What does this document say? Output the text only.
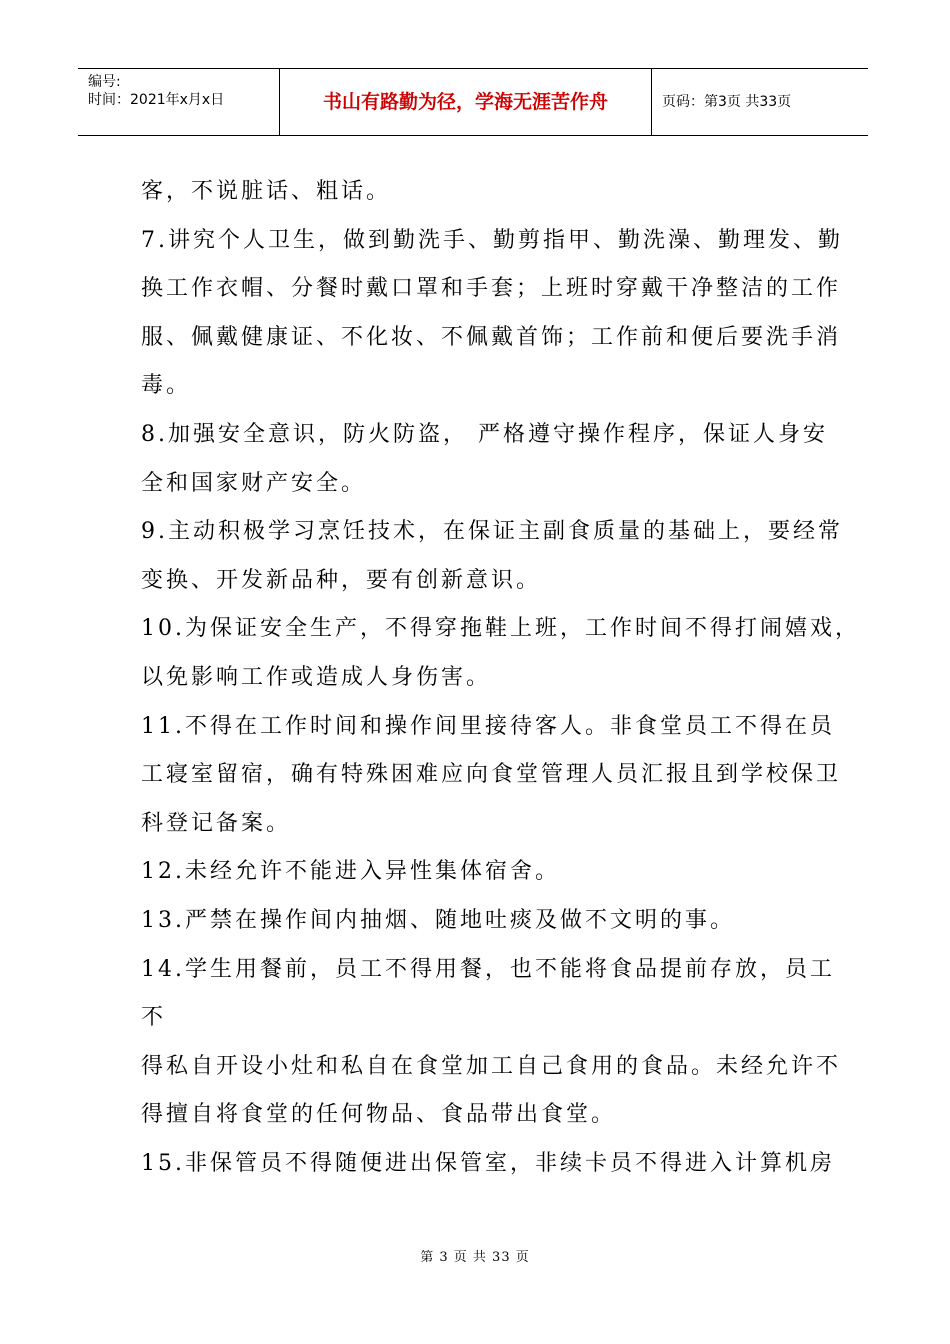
编号:
时间：2021年x月x日	书山有路勤为径，学海无涯苦作舟	页码：第3页 共33页
客，不说脏话、粗话。
7.讲究个人卫生，做到勤洗手、勤剪指甲、勤洗澡、勤理发、勤
换工作衣帽、分餐时戴口罩和手套；上班时穿戴干净整洁的工作
服、佩戴健康证、不化妆、不佩戴首饰；工作前和便后要洗手消
毒。
8.加强安全意识，防火防盗， 严格遵守操作程序，保证人身安
全和国家财产安全。
9.主动积极学习烹饪技术，在保证主副食质量的基础上，要经常
变换、开发新品种，要有创新意识。
10.为保证安全生产，不得穿拖鞋上班，工作时间不得打闹嬉戏，
以免影响工作或造成人身伤害。
11.不得在工作时间和操作间里接待客人。非食堂员工不得在员
工寝室留宿，确有特殊困难应向食堂管理人员汇报且到学校保卫
科登记备案。
12.未经允许不能进入异性集体宿舍。
13.严禁在操作间内抽烟、随地吐痰及做不文明的事。
14.学生用餐前，员工不得用餐，也不能将食品提前存放，员工
不
得私自开设小灶和私自在食堂加工自己食用的食品。未经允许不
得擅自将食堂的任何物品、食品带出食堂。
15.非保管员不得随便进出保管室，非续卡员不得进入计算机房
第 3 页 共 33 页
